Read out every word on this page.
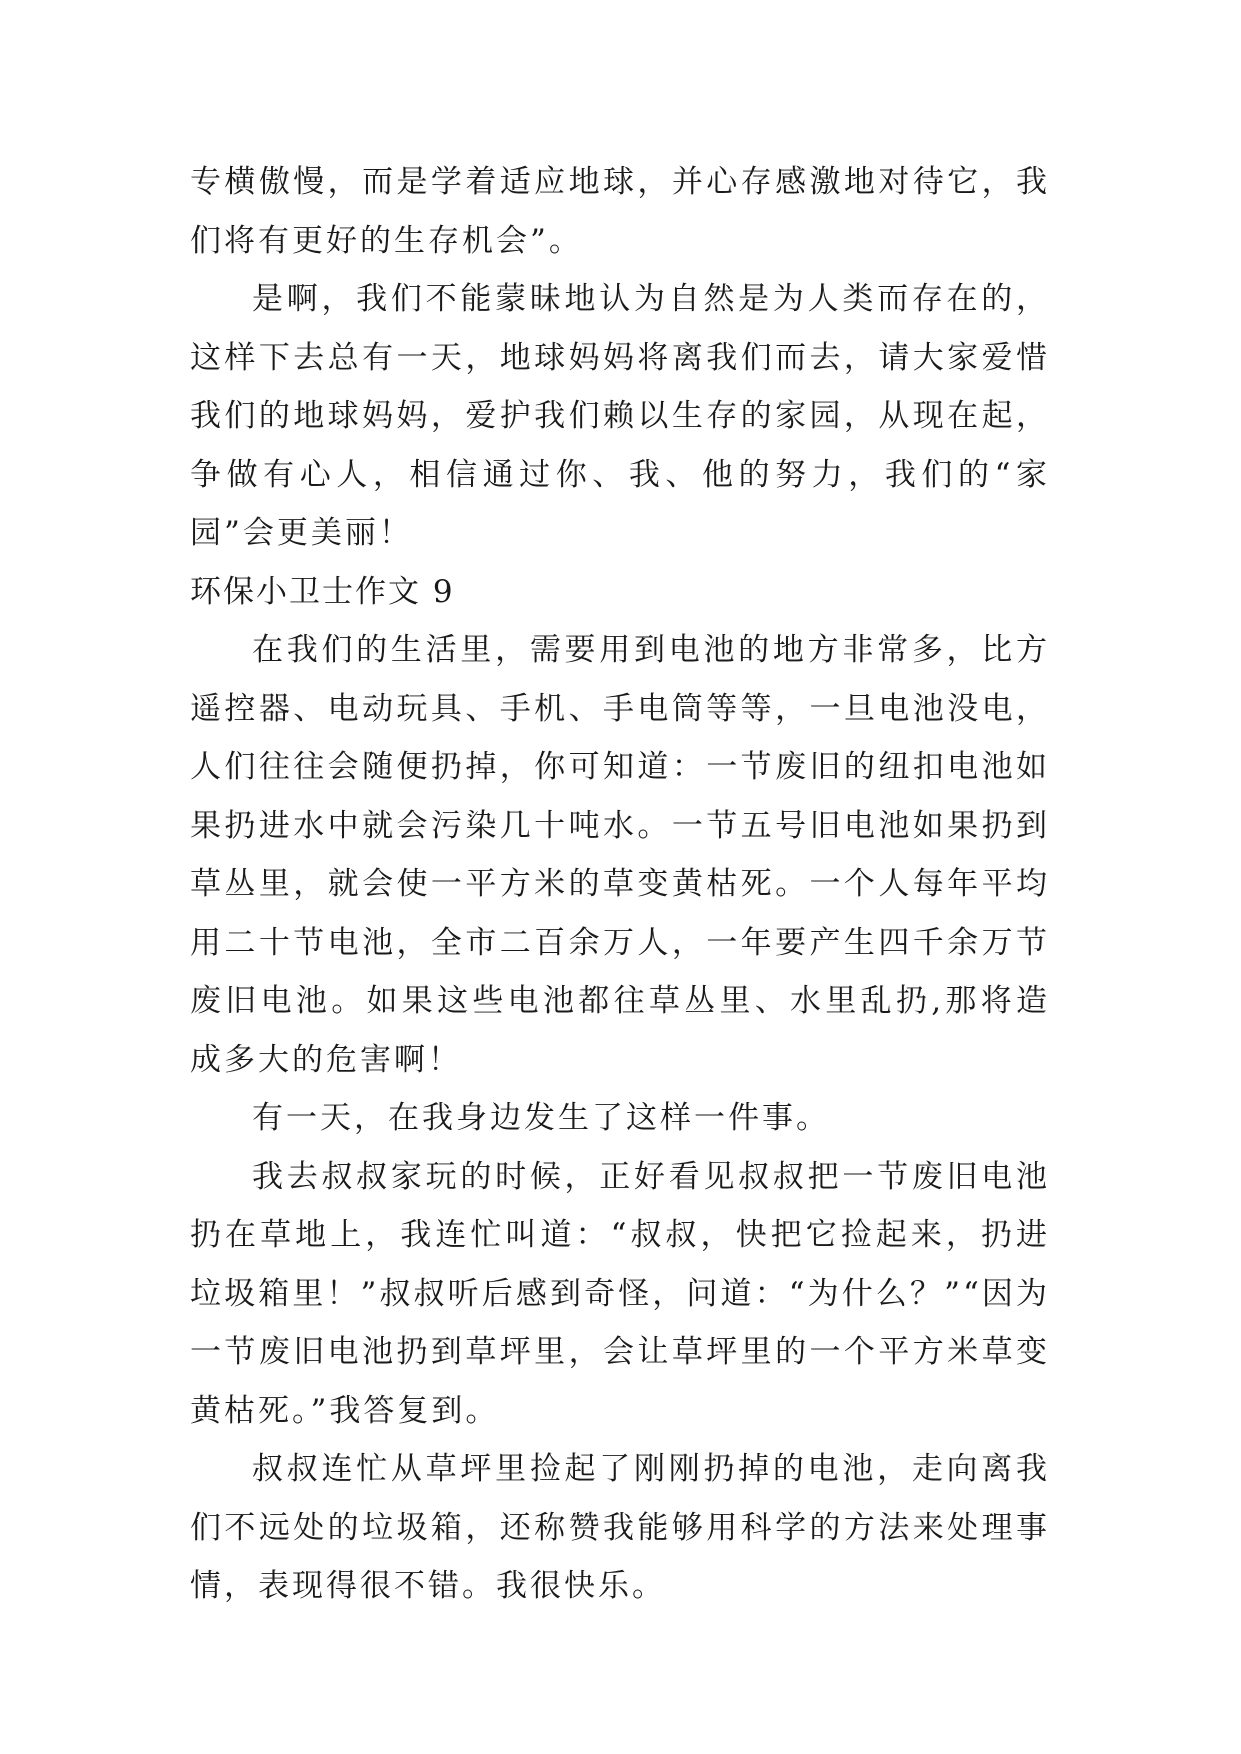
专横傲慢，而是学着适应地球，并心存感激地对待它，我们将有更好的生存机会”。

是啊，我们不能蒙昧地认为自然是为人类而存在的，这样下去总有一天，地球妈妈将离我们而去，请大家爱惜我们的地球妈妈，爱护我们赖以生存的家园，从现在起，争做有心人，相信通过你、我、他的努力，我们的“家园”会更美丽！

环保小卫士作文 9

在我们的生活里，需要用到电池的地方非常多，比方遥控器、电动玩具、手机、手电筒等等，一旦电池没电，人们往往会随便扔掉，你可知道：一节废旧的纽扣电池如果扔进水中就会污染几十吨水。一节五号旧电池如果扔到草丛里，就会使一平方米的草变黄枯死。一个人每年平均用二十节电池，全市二百余万人，一年要产生四千余万节废旧电池。如果这些电池都往草丛里、水里乱扔,那将造成多大的危害啊！

有一天，在我身边发生了这样一件事。

我去叔叔家玩的时候，正好看见叔叔把一节废旧电池扔在草地上，我连忙叫道：“叔叔，快把它捡起来，扔进垃圾箱里！”叔叔听后感到奇怪，问道：“为什么？”“因为一节废旧电池扔到草坪里，会让草坪里的一个平方米草变黄枯死。”我答复到。

叔叔连忙从草坪里捡起了刚刚扔掉的电池，走向离我们不远处的垃圾箱，还称赞我能够用科学的方法来处理事情，表现得很不错。我很快乐。
